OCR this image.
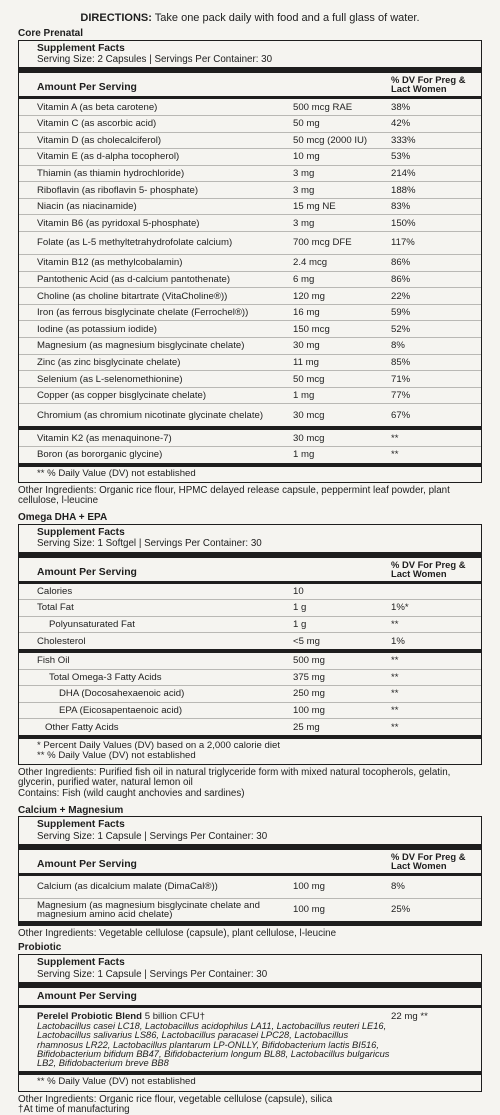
DIRECTIONS: Take one pack daily with food and a full glass of water.
Core Prenatal
Supplement Facts
Serving Size: 2 Capsules | Servings Per Container: 30
Amount Per Serving
% DV For Preg & Lact Women
Vitamin A (as beta carotene)	500 mcg RAE	38%
Vitamin C (as ascorbic acid)	50 mg	42%
Vitamin D (as cholecalciferol)	50 mcg (2000 IU)	333%
Vitamin E (as d-alpha tocopherol)	10 mg	53%
Thiamin (as thiamin hydrochloride)	3 mg	214%
Riboflavin (as riboflavin 5- phosphate)	3 mg	188%
Niacin (as niacinamide)	15 mg NE	83%
Vitamin B6 (as pyridoxal 5-phosphate)	3 mg	150%
Folate (as L-5 methyltetrahydrofolate calcium)	700 mcg DFE	117%
Vitamin B12 (as methylcobalamin)	2.4 mcg	86%
Pantothenic Acid (as d-calcium pantothenate)	6 mg	86%
Choline (as choline bitartrate (VitaCholine®))	120 mg	22%
Iron (as ferrous bisglycinate chelate (Ferrochel®))	16 mg	59%
Iodine (as potassium iodide)	150 mcg	52%
Magnesium (as magnesium bisglycinate chelate)	30 mg	8%
Zinc (as zinc bisglycinate chelate)	11 mg	85%
Selenium (as L-selenomethionine)	50 mcg	71%
Copper (as copper bisglycinate chelate)	1 mg	77%
Chromium (as chromium nicotinate glycinate chelate)	30 mcg	67%
Vitamin K2 (as menaquinone-7)	30 mcg	**
Boron (as bororganic glycine)	1 mg	**
** % Daily Value (DV) not established
Other Ingredients: Organic rice flour, HPMC delayed release capsule, peppermint leaf powder, plant cellulose, l-leucine
Omega DHA + EPA
Supplement Facts
Serving Size: 1 Softgel | Servings Per Container: 30
Amount Per Serving
% DV For Preg & Lact Women
Calories	10
Total Fat	1 g	1%*
Polyunsaturated Fat	1 g	**
Cholesterol	<5 mg	1%
Fish Oil	500 mg	**
Total Omega-3 Fatty Acids	375 mg	**
DHA (Docosahexaenoic acid)	250 mg	**
EPA (Eicosapentaenoic acid)	100 mg	**
Other Fatty Acids	25 mg	**
* Percent Daily Values (DV) based on a 2,000 calorie diet
** % Daily Value (DV) not established
Other Ingredients: Purified fish oil in natural triglyceride form with mixed natural tocopherols, gelatin, glycerin, purified water, natural lemon oil
Contains: Fish (wild caught anchovies and sardines)
Calcium + Magnesium
Supplement Facts
Serving Size: 1 Capsule | Servings Per Container: 30
Amount Per Serving
% DV For Preg & Lact Women
Calcium (as dicalcium malate (DimaCal®))	100 mg	8%
Magnesium (as magnesium bisglycinate chelate and magnesium amino acid chelate)	100 mg	25%
Other Ingredients: Vegetable cellulose (capsule), plant cellulose, l-leucine
Probiotic
Supplement Facts
Serving Size: 1 Capsule | Servings Per Container: 30
Amount Per Serving
Perelel Probiotic Blend 5 billion CFU†
Lactobacillus casei LC18, Lactobacillus acidophilus LA11, Lactobacillus reuteri LE16, Lactobacillus salivarius LS86, Lactobacillus paracasei LPC28, Lactobacillus rhamnosus LR22, Lactobacillus plantarum LP-ONLLY, Bifidobacterium lactis BI516, Bifidobacterium bifidum BB47, Bifidobacterium longum BL88, Lactobacillus bulgaricus LB2, Bifidobacterium breve BB8
22 mg **
** % Daily Value (DV) not established
Other Ingredients: Organic rice flour, vegetable cellulose (capsule), silica
†At time of manufacturing
